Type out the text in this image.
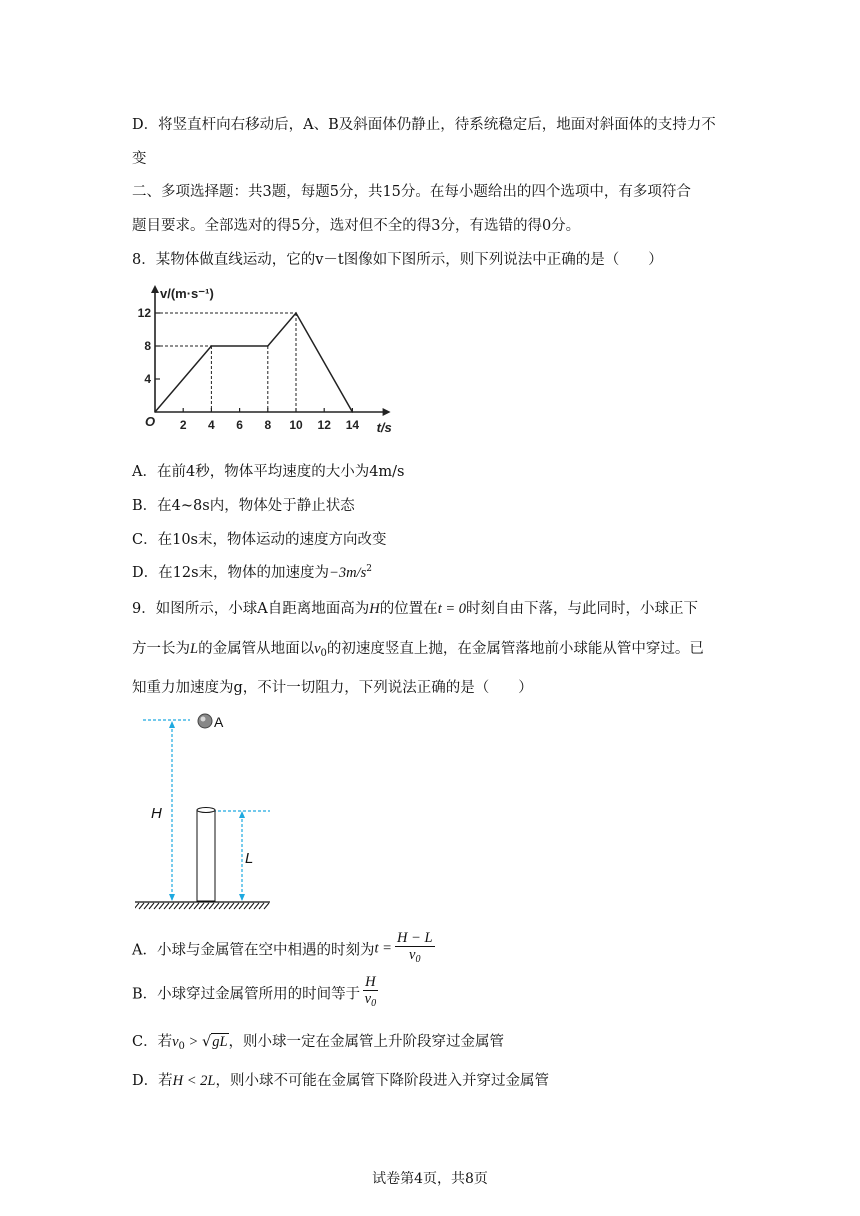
D．将竖直杆向右移动后，A、B及斜面体仍静止，待系统稳定后，地面对斜面体的支持力不
变
二、多项选择题：共3题，每题5分，共15分。在每小题给出的四个选项中，有多项符合
题目要求。全部选对的得5分，选对但不全的得3分，有选错的得0分。
8．某物体做直线运动，它的v－t图像如下图所示，则下列说法中正确的是（　　）
4
8
12
2 4 6 8 10 12 14
O
v/(m·s⁻¹)
t/s
A．在前4秒，物体平均速度的大小为4m/s
B．在4~8s内，物体处于静止状态
C．在10s末，物体运动的速度方向改变
D．在12s末，物体的加速度为$-3m/s^2$
9．如图所示，小球A自距离地面高为H的位置在t = 0时刻自由下落，与此同时，小球正下
方一长为L的金属管从地面以$v_0$的初速度竖直上抛，在金属管落地前小球能从管中穿过。已
知重力加速度为g，不计一切阻力，下列说法正确的是（　　）
A
H
L
A．小球与金属管在空中相遇的时刻为$t = \frac{H - L}{v_0}$
B．小球穿过金属管所用的时间等于 $\frac{H}{v_0}$
C．若$v_0 > √gL$，则小球一定在金属管上升阶段穿过金属管
D．若H < 2L，则小球不可能在金属管下降阶段进入并穿过金属管
试卷第4页，共8页
